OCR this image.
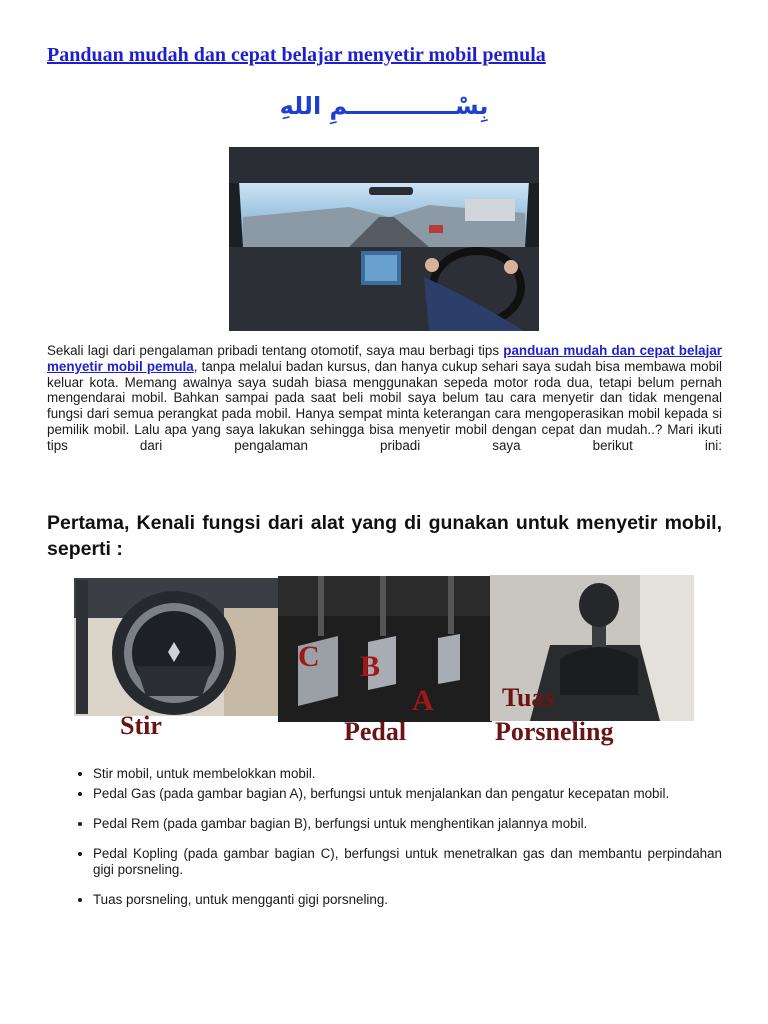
Panduan mudah dan cepat belajar menyetir mobil pemula
بِسْـــــــــــــمِ اللهِ

Sekali lagi dari pengalaman pribadi tentang otomotif, saya mau berbagi tips panduan mudah dan cepat belajar menyetir mobil pemula, tanpa melalui badan kursus, dan hanya cukup sehari saya sudah bisa membawa mobil keluar kota. Memang awalnya saya sudah biasa menggunakan sepeda motor roda dua, tetapi belum pernah mengendarai mobil. Bahkan sampai pada saat beli mobil saya belum tau cara menyetir dan tidak mengenal fungsi dari semua perangkat pada mobil. Hanya sempat minta keterangan cara mengoperasikan mobil kepada si pemilik mobil. Lalu apa yang saya lakukan sehingga bisa menyetir mobil dengan cepat dan mudah..? Mari ikuti tips dari pengalaman pribadi saya berikut ini:

Pertama, Kenali fungsi dari alat yang di gunakan untuk menyetir mobil, seperti :
C B
A
Stir	Pedal
Tuas
Porsneling
• Stir mobil, untuk membelokkan mobil.
• Pedal Gas (pada gambar bagian A), berfungsi untuk menjalankan dan pengatur kecepatan mobil.
• Pedal Rem (pada gambar bagian B), berfungsi untuk menghentikan jalannya mobil.
• Pedal Kopling (pada gambar bagian C), berfungsi untuk menetralkan gas dan membantu perpindahan gigi porsneling.
• Tuas porsneling, untuk mengganti gigi porsneling.
